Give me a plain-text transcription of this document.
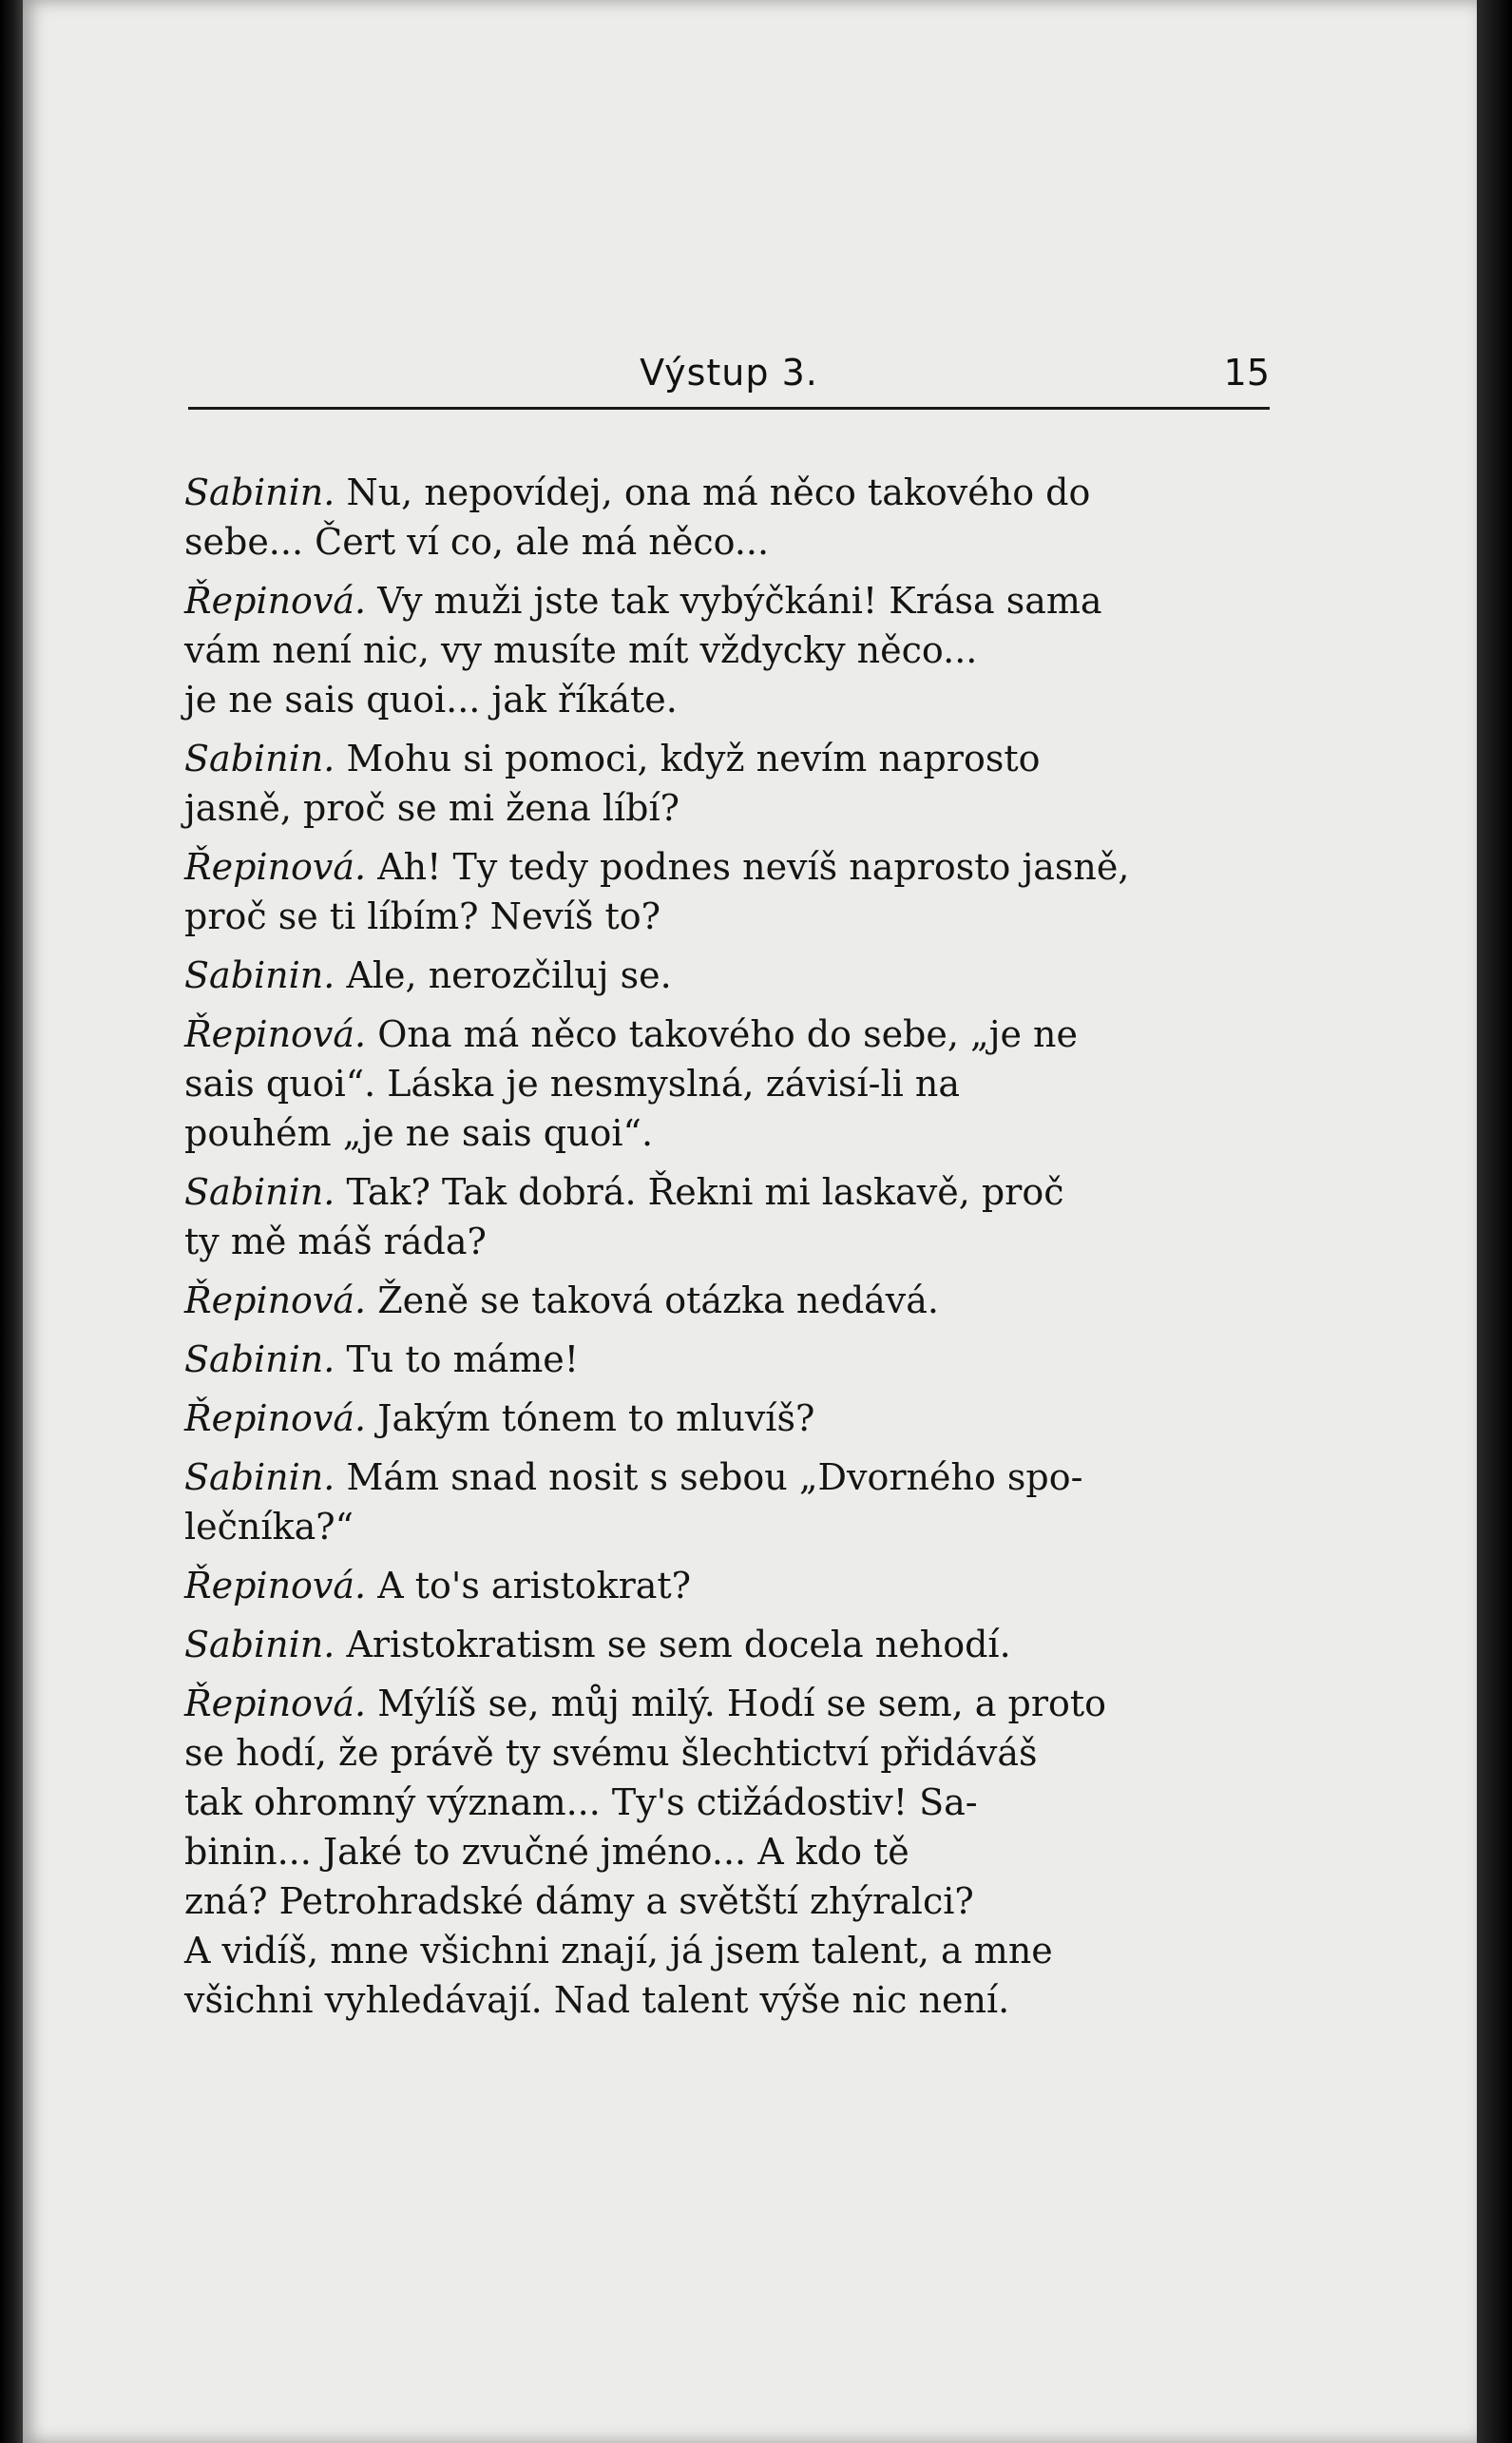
Výstup 3.	15
Sabinin. Nu, nepovídej, ona má něco takového do
sebe... Čert ví co, ale má něco...
Řepinová. Vy muži jste tak vybýčkáni! Krása sama
vám není nic, vy musíte mít vždycky něco...
je ne sais quoi... jak říkáte.
Sabinin. Mohu si pomoci, když nevím naprosto
jasně, proč se mi žena líbí?
Řepinová. Ah! Ty tedy podnes nevíš naprosto jasně,
proč se ti líbím? Nevíš to?
Sabinin. Ale, nerozčiluj se.
Řepinová. Ona má něco takového do sebe, „je ne
sais quoi“. Láska je nesmyslná, závisí-li na
pouhém „je ne sais quoi“.
Sabinin. Tak? Tak dobrá. Řekni mi laskavě, proč
ty mě máš ráda?
Řepinová. Ženě se taková otázka nedává.
Sabinin. Tu to máme!
Řepinová. Jakým tónem to mluvíš?
Sabinin. Mám snad nosit s sebou „Dvorného spo-
lečníka?“
Řepinová. A to's aristokrat?
Sabinin. Aristokratism se sem docela nehodí.
Řepinová. Mýlíš se, můj milý. Hodí se sem, a proto
se hodí, že právě ty svému šlechtictví přidáváš
tak ohromný význam... Ty's ctižádostiv! Sa-
binin... Jaké to zvučné jméno... A kdo tě
zná? Petrohradské dámy a světští zhýralci?
A vidíš, mne všichni znají, já jsem talent, a mne
všichni vyhledávají. Nad talent výše nic není.
